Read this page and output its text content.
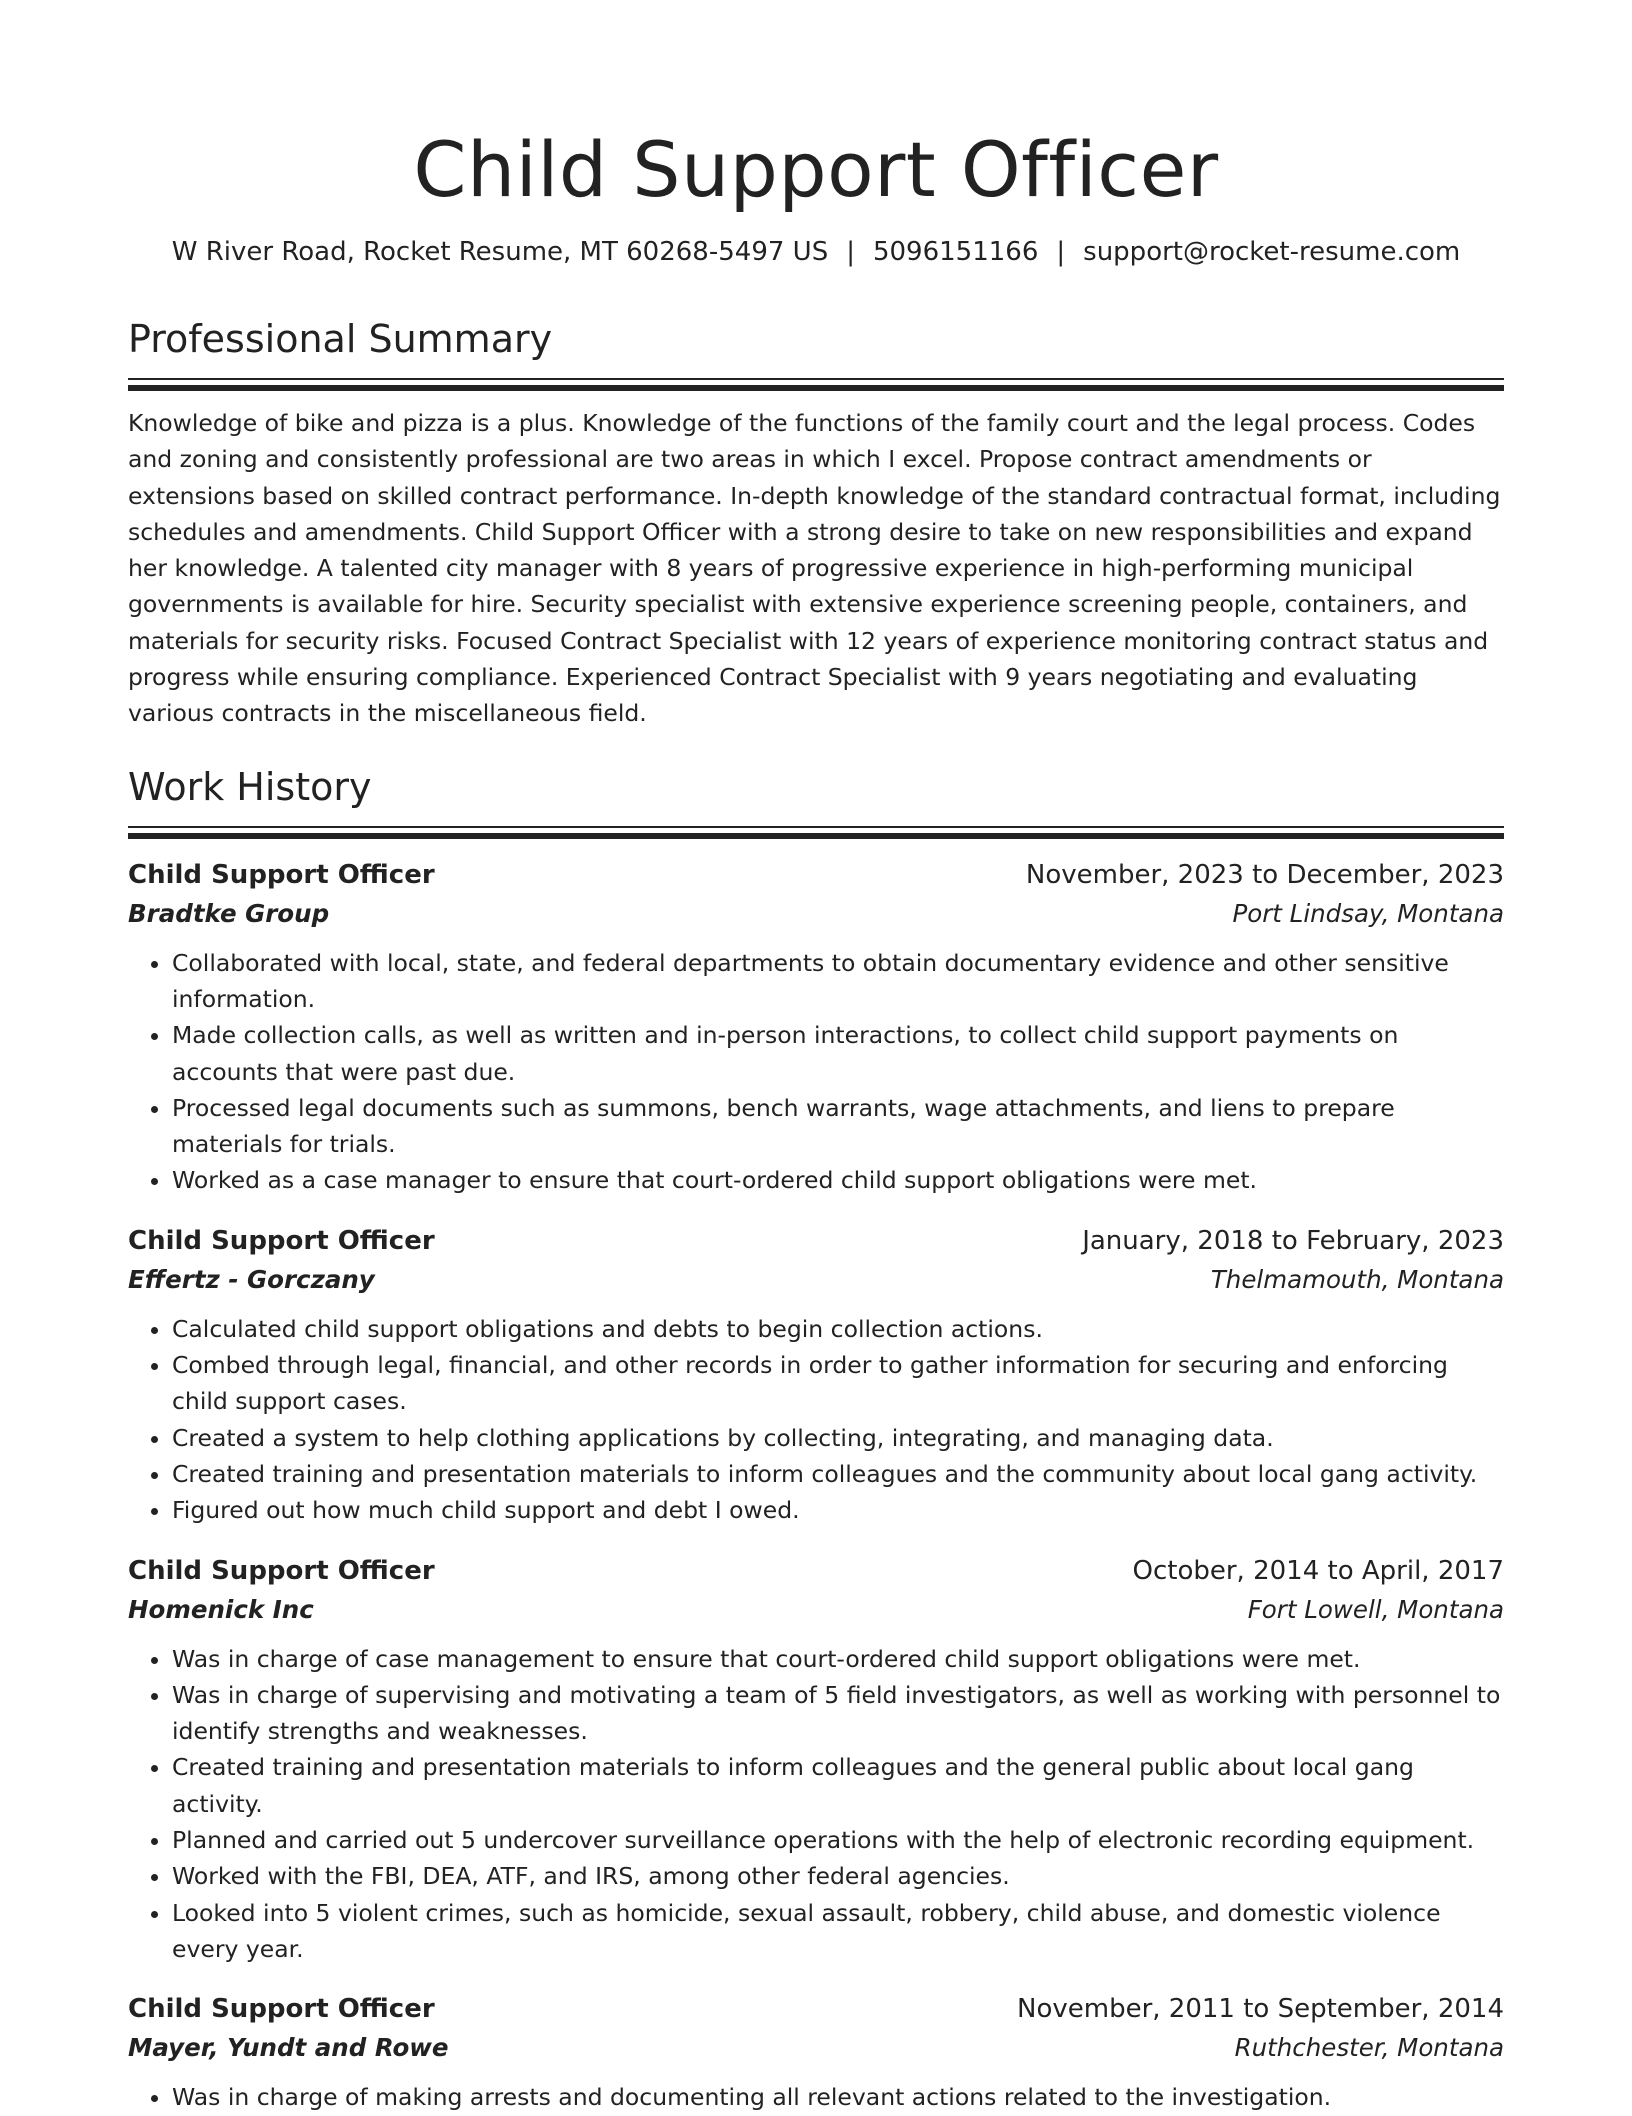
Child Support Officer
W River Road, Rocket Resume, MT 60268-5497 US | 5096151166 | support@rocket-resume.com
Professional Summary

Knowledge of bike and pizza is a plus. Knowledge of the functions of the family court and the legal process. Codes and zoning and consistently professional are two areas in which I excel. Propose contract amendments or extensions based on skilled contract performance. In-depth knowledge of the standard contractual format, including schedules and amendments. Child Support Officer with a strong desire to take on new responsibilities and expand her knowledge. A talented city manager with 8 years of progressive experience in high-performing municipal governments is available for hire. Security specialist with extensive experience screening people, containers, and materials for security risks. Focused Contract Specialist with 12 years of experience monitoring contract status and progress while ensuring compliance. Experienced Contract Specialist with 9 years negotiating and evaluating various contracts in the miscellaneous field.

Work History
Child Support Officer	November, 2023 to December, 2023
Bradtke Group	Port Lindsay, Montana
• Collaborated with local, state, and federal departments to obtain documentary evidence and other sensitive information.
• Made collection calls, as well as written and in-person interactions, to collect child support payments on accounts that were past due.
• Processed legal documents such as summons, bench warrants, wage attachments, and liens to prepare materials for trials.
• Worked as a case manager to ensure that court-ordered child support obligations were met.
Child Support Officer	January, 2018 to February, 2023
Effertz - Gorczany	Thelmamouth, Montana
• Calculated child support obligations and debts to begin collection actions.
• Combed through legal, financial, and other records in order to gather information for securing and enforcing child support cases.
• Created a system to help clothing applications by collecting, integrating, and managing data.
• Created training and presentation materials to inform colleagues and the community about local gang activity.
• Figured out how much child support and debt I owed.
Child Support Officer	October, 2014 to April, 2017
Homenick Inc	Fort Lowell, Montana
• Was in charge of case management to ensure that court-ordered child support obligations were met.
• Was in charge of supervising and motivating a team of 5 field investigators, as well as working with personnel to identify strengths and weaknesses.
• Created training and presentation materials to inform colleagues and the general public about local gang activity.
• Planned and carried out 5 undercover surveillance operations with the help of electronic recording equipment.
• Worked with the FBI, DEA, ATF, and IRS, among other federal agencies.
• Looked into 5 violent crimes, such as homicide, sexual assault, robbery, child abuse, and domestic violence every year.
Child Support Officer	November, 2011 to September, 2014
Mayer, Yundt and Rowe	Ruthchester, Montana
• Was in charge of making arrests and documenting all relevant actions related to the investigation.
